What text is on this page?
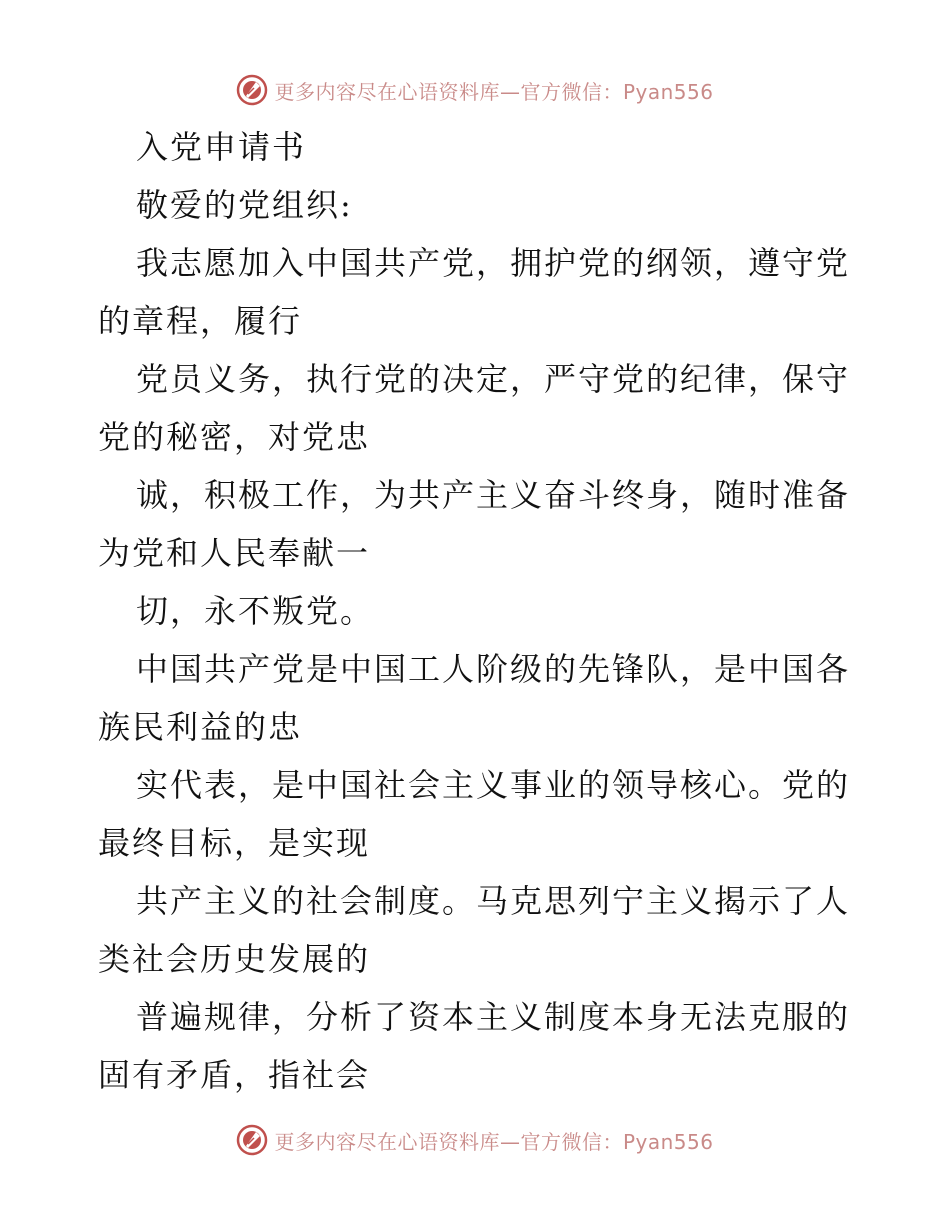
更多内容尽在心语资料库—官方微信：Pyan556
入党申请书
敬爱的党组织:
我志愿加入中国共产党，拥护党的纲领，遵守党
的章程，履行
党员义务，执行党的决定，严守党的纪律，保守
党的秘密，对党忠
诚，积极工作，为共产主义奋斗终身，随时准备
为党和人民奉献一
切，永不叛党。
中国共产党是中国工人阶级的先锋队，是中国各
族民利益的忠
实代表，是中国社会主义事业的领导核心。党的
最终目标，是实现
共产主义的社会制度。马克思列宁主义揭示了人
类社会历史发展的
普遍规律，分析了资本主义制度本身无法克服的
固有矛盾，指社会
更多内容尽在心语资料库—官方微信：Pyan556
